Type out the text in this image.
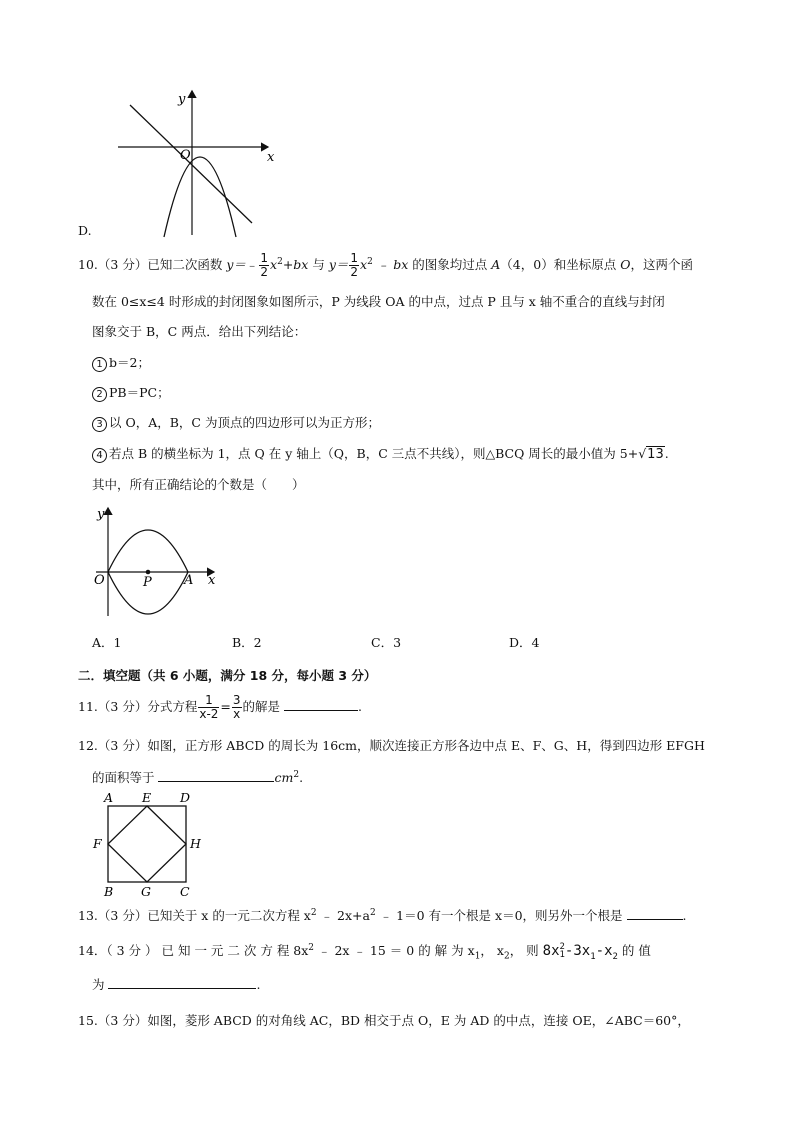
y
x
O
D.
10.（3 分）已知二次函数 y＝﹣ $\frac{1}{2} x^2+bx$ 与 $y= \frac{1}{2} x^2$ ﹣ bx 的图象均过点 A（4，0）和坐标原点 O，这两个函
数在 0≤x≤4 时形成的封闭图象如图所示，P 为线段 OA 的中点，过点 P 且与 x 轴不重合的直线与封闭
图象交于 B，C 两点．给出下列结论：
1 b＝2；
2 PB＝PC；
3 以 O，A，B，C 为顶点的四边形可以为正方形；
4 若点 B 的横坐标为 1，点 Q 在 y 轴上（Q，B，C 三点不共线），则△BCQ 周长的最小值为 5+√13.
其中，所有正确结论的个数是（　　）
y
x
O	P A
A．1	B．2	C．3	D．4
二．填空题（共 6 小题，满分 18 分，每小题 3 分）
11.（3 分）分式方程 $\frac{1}{x-2} = \frac{3}{x}$ 的解是	.
12.（3 分）如图，正方形 ABCD 的周长为 16cm，顺次连接正方形各边中点 E、F、G、H，得到四边形 EFGH
的面积等于	$cm^2$.
A E D
F	H
B G C
13.（3 分）已知关于 x 的一元二次方程 $x^2$ ﹣ $2x+a^2$ ﹣ 1＝0 有一个根是 x＝0，则另外一个根是	.
14．（ 3 分 ） 已 知 一 元 二 次 方 程 $8x^2$ ﹣ 2x ﹣ 15 ＝ 0 的 解 为 $x_1$， $x_2$， 则 8x 2
1 $-3x_1-x_2$ 的 值
为	.
15.（3 分）如图，菱形 ABCD 的对角线 AC，BD 相交于点 O，E 为 AD 的中点，连接 OE，∠ABC＝60°，
